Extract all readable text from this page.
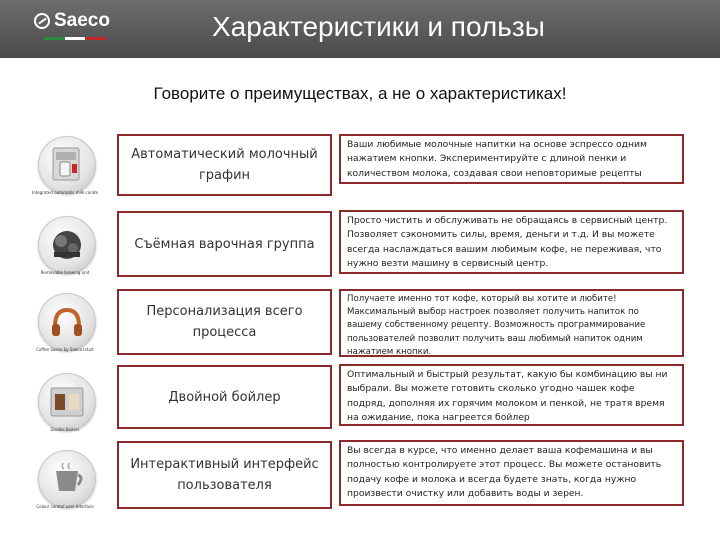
Saeco	Характеристики и пользы
Говорите о преимуществах, а не о характеристиках!
Integrated automatic milk carafe
Автоматический молочный графин
Ваши любимые молочные напитки на основе эспрессо одним нажатием кнопки. Экспериментируйте с длиной пенки и количеством молока, создавая свои неповторимые рецепты
Removable brewing unit
Съёмная варочная группа
Просто чистить и обслуживать не обращаясь в сервисный центр. Позволяет сэкономить силы, время, деньги и т.д. И вы можете всегда наслаждаться вашим любимым кофе, не переживая, что нужно везти машину в сервисный центр.
Coffee Saeco by Saeco Intuit
Персонализация всего процесса
Получаете именно тот кофе, который вы хотите и любите! Максимальный выбор настроек позволяет получить напиток по вашему собственному рецепту. Возможность программирование пользователей позволит получить ваш любимый напиток одним нажатием кнопки.
Double Boilers
Двойной бойлер
Оптимальный и быстрый результат, какую бы комбинацию вы ни выбрали. Вы можете готовить сколько угодно чашек кофе подряд, дополняя их горячим молоком и пенкой, не тратя время на ожидание, пока нагреется бойлер
Colour control user Interface
Интерактивный интерфейс пользователя
Вы всегда в курсе, что именно делает ваша кофемашина и вы полностью контролируете этот процесс. Вы можете остановить подачу кофе и молока и всегда будете знать, когда нужно произвести очистку или добавить воды и зерен.
